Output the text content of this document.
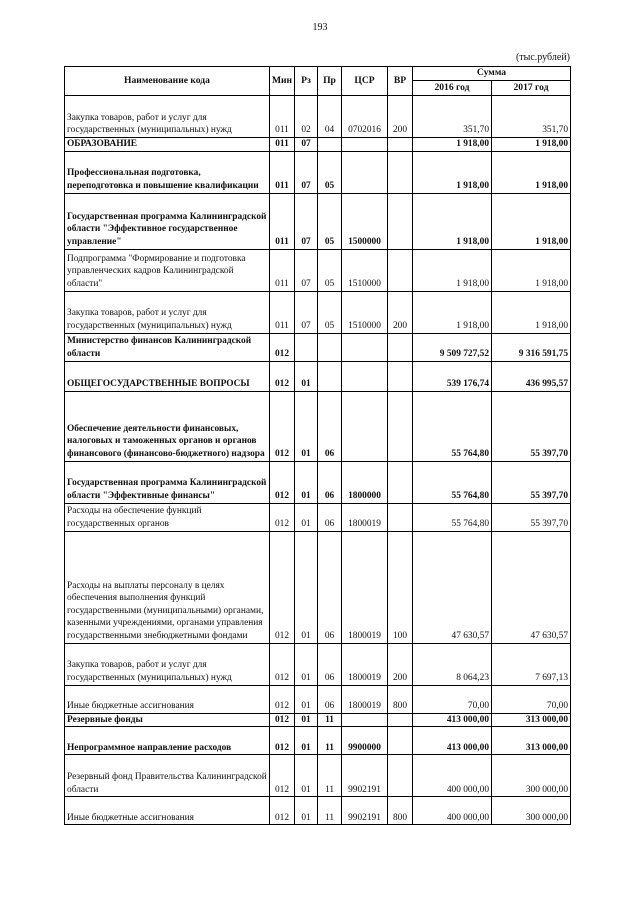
193
(тыс.рублей)
Наименование кода	Мин	Рз	Пр	ЦСР	ВР	Сумма	
						2016 год	2017 год
Закупка товаров, работ и услуг для государственных (муниципальных) нужд	011	02	04	0702016	200	351,70	351,70
ОБРАЗОВАНИЕ	011	07				1 918,00	1 918,00
Профессиональная подготовка, переподготовка и повышение квалификации	011	07	05			1 918,00	1 918,00
Государственная программа Калининградской области "Эффективное государственное управление"	011	07	05	1500000		1 918,00	1 918,00
Подпрограмма "Формирование и подготовка управленческих кадров Калининградской области"	011	07	05	1510000		1 918,00	1 918,00
Закупка товаров, работ и услуг для государственных (муниципальных) нужд	011	07	05	1510000	200	1 918,00	1 918,00
Министерство финансов Калининградской области	012					9 509 727,52	9 316 591,75
ОБЩЕГОСУДАРСТВЕННЫЕ ВОПРОСЫ	012	01				539 176,74	436 995,57
Обеспечение деятельности финансовых, налоговых и таможенных органов и органов финансового (финансово-бюджетного) надзора	012	01	06			55 764,80	55 397,70
Государственная программа Калининградской области "Эффективные финансы"	012	01	06	1800000		55 764,80	55 397,70
Расходы на обеспечение функций государственных органов	012	01	06	1800019		55 764,80	55 397,70
Расходы на выплаты персоналу в целях обеспечения выполнения функций государственными (муниципальными) органами, казенными учреждениями, органами управления государственными знебюджетными фондами	012	01	06	1800019	100	47 630,57	47 630,57
Закупка товаров, работ и услуг для государственных (муниципальных) нужд	012	01	06	1800019	200	8 064,23	7 697,13
Иные бюджетные ассигнования	012	01	06	1800019	800	70,00	70,00
Резервные фонды	012	01	11			413 000,00	313 000,00
Непрограммное направление расходов	012	01	11	9900000		413 000,00	313 000,00
Резервный фонд Правительства Калининградской области	012	01	11	9902191		400 000,00	300 000,00
Иные бюджетные ассигнования	012	01	11	9902191	800	400 000,00	300 000,00
